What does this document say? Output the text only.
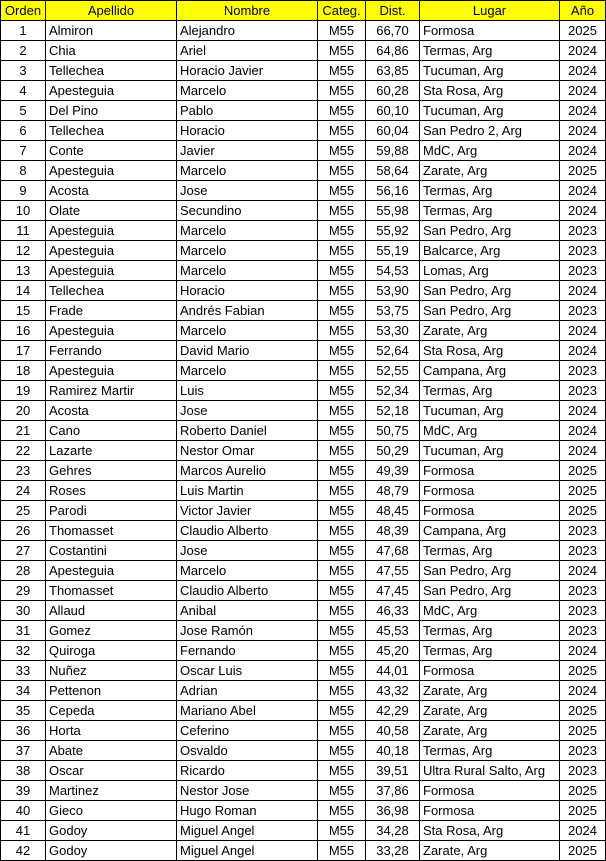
Orden	Apellido	Nombre	Categ.	Dist.	Lugar	Año
1	Almiron	Alejandro	M55	66,70	Formosa	2025
2	Chia	Ariel	M55	64,86	Termas, Arg	2024
3	Tellechea	Horacio Javier	M55	63,85	Tucuman, Arg	2024
4	Apesteguia	Marcelo	M55	60,28	Sta Rosa, Arg	2024
5	Del Pino	Pablo	M55	60,10	Tucuman, Arg	2024
6	Tellechea	Horacio	M55	60,04	San Pedro 2, Arg	2024
7	Conte	Javier	M55	59,88	MdC, Arg	2024
8	Apesteguia	Marcelo	M55	58,64	Zarate, Arg	2025
9	Acosta	Jose	M55	56,16	Termas, Arg	2024
10	Olate	Secundino	M55	55,98	Termas, Arg	2024
11	Apesteguia	Marcelo	M55	55,92	San Pedro, Arg	2023
12	Apesteguia	Marcelo	M55	55,19	Balcarce, Arg	2023
13	Apesteguia	Marcelo	M55	54,53	Lomas, Arg	2023
14	Tellechea	Horacio	M55	53,90	San Pedro, Arg	2024
15	Frade	Andrés Fabian	M55	53,75	San Pedro, Arg	2023
16	Apesteguia	Marcelo	M55	53,30	Zarate, Arg	2024
17	Ferrando	David Mario	M55	52,64	Sta Rosa, Arg	2024
18	Apesteguia	Marcelo	M55	52,55	Campana, Arg	2023
19	Ramirez Martir	Luis	M55	52,34	Termas, Arg	2023
20	Acosta	Jose	M55	52,18	Tucuman, Arg	2024
21	Cano	Roberto Daniel	M55	50,75	MdC, Arg	2024
22	Lazarte	Nestor Omar	M55	50,29	Tucuman, Arg	2024
23	Gehres	Marcos Aurelio	M55	49,39	Formosa	2025
24	Roses	Luis Martin	M55	48,79	Formosa	2025
25	Parodi	Victor Javier	M55	48,45	Formosa	2025
26	Thomasset	Claudio Alberto	M55	48,39	Campana, Arg	2023
27	Costantini	Jose	M55	47,68	Termas, Arg	2023
28	Apesteguia	Marcelo	M55	47,55	San Pedro, Arg	2024
29	Thomasset	Claudio Alberto	M55	47,45	San Pedro, Arg	2023
30	Allaud	Anibal	M55	46,33	MdC, Arg	2023
31	Gomez	Jose Ramón	M55	45,53	Termas, Arg	2023
32	Quiroga	Fernando	M55	45,20	Termas, Arg	2024
33	Nuñez	Oscar Luis	M55	44,01	Formosa	2025
34	Pettenon	Adrian	M55	43,32	Zarate, Arg	2024
35	Cepeda	Mariano Abel	M55	42,29	Zarate, Arg	2025
36	Horta	Ceferino	M55	40,58	Zarate, Arg	2025
37	Abate	Osvaldo	M55	40,18	Termas, Arg	2023
38	Oscar	Ricardo	M55	39,51	Ultra Rural Salto, Arg	2023
39	Martinez	Nestor Jose	M55	37,86	Formosa	2025
40	Gieco	Hugo Roman	M55	36,98	Formosa	2025
41	Godoy	Miguel Angel	M55	34,28	Sta Rosa, Arg	2024
42	Godoy	Miguel Angel	M55	33,28	Zarate, Arg	2025
